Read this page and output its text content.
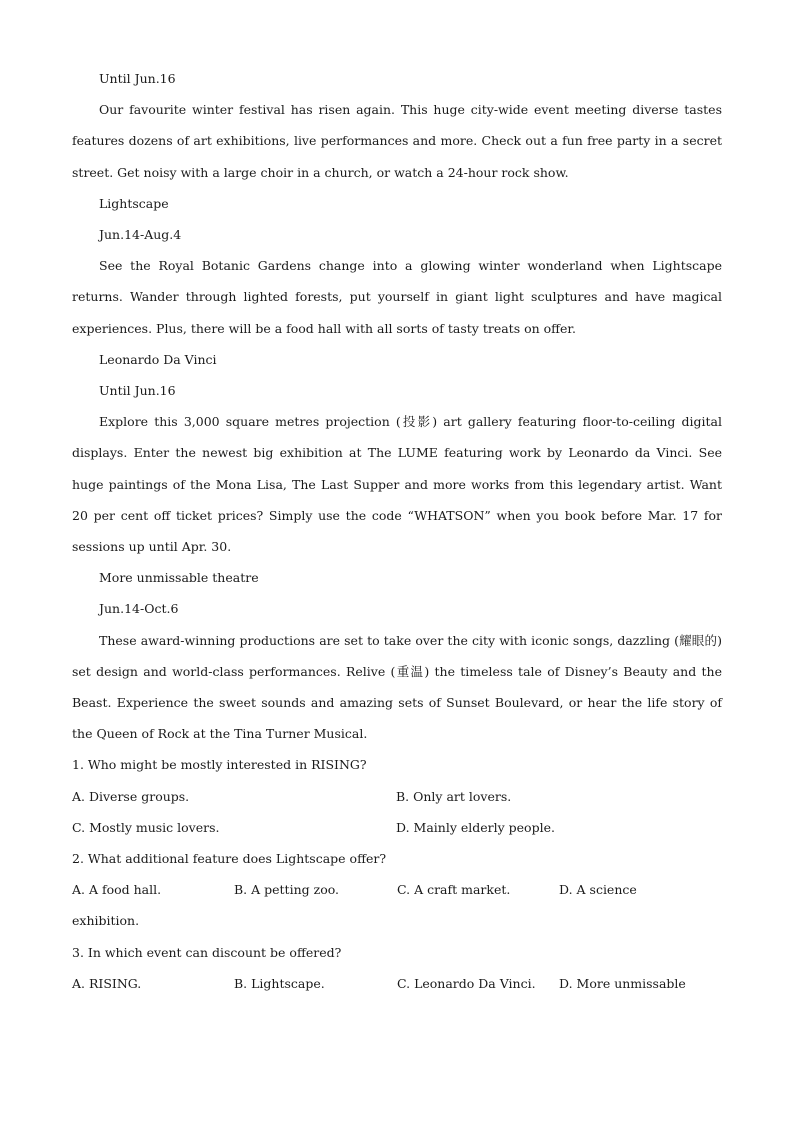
Until Jun.16

Our favourite winter festival has risen again. This huge city-wide event meeting diverse tastes features dozens of art exhibitions, live performances and more. Check out a fun free party in a secret street. Get noisy with a large choir in a church, or watch a 24-hour rock show.

Lightscape

Jun.14-Aug.4

See the Royal Botanic Gardens change into a glowing winter wonderland when Lightscape returns. Wander through lighted forests, put yourself in giant light sculptures and have magical experiences. Plus, there will be a food hall with all sorts of tasty treats on offer.

Leonardo Da Vinci

Until Jun.16

Explore this 3,000 square metres projection (投影) art gallery featuring floor-to-ceiling digital displays. Enter the newest big exhibition at The LUME featuring work by Leonardo da Vinci. See huge paintings of the Mona Lisa, The Last Supper and more works from this legendary artist. Want 20 per cent off ticket prices? Simply use the code “WHATSON” when you book before Mar. 17 for sessions up until Apr. 30.

More unmissable theatre

Jun.14-Oct.6

These award-winning productions are set to take over the city with iconic songs, dazzling (耀眼的) set design and world-class performances. Relive (重温) the timeless tale of Disney’s Beauty and the Beast. Experience the sweet sounds and amazing sets of Sunset Boulevard, or hear the life story of the Queen of Rock at the Tina Turner Musical.

1. Who might be mostly interested in RISING?

A. Diverse groups.	B. Only art lovers.
C. Mostly music lovers.	D. Mainly elderly people.

2. What additional feature does Lightscape offer?

A. A food hall.	B. A petting zoo.	C. A craft market.	D. A science

exhibition.

3. In which event can discount be offered?

A. RISING.	B. Lightscape.	C. Leonardo Da Vinci.	D. More unmissable
